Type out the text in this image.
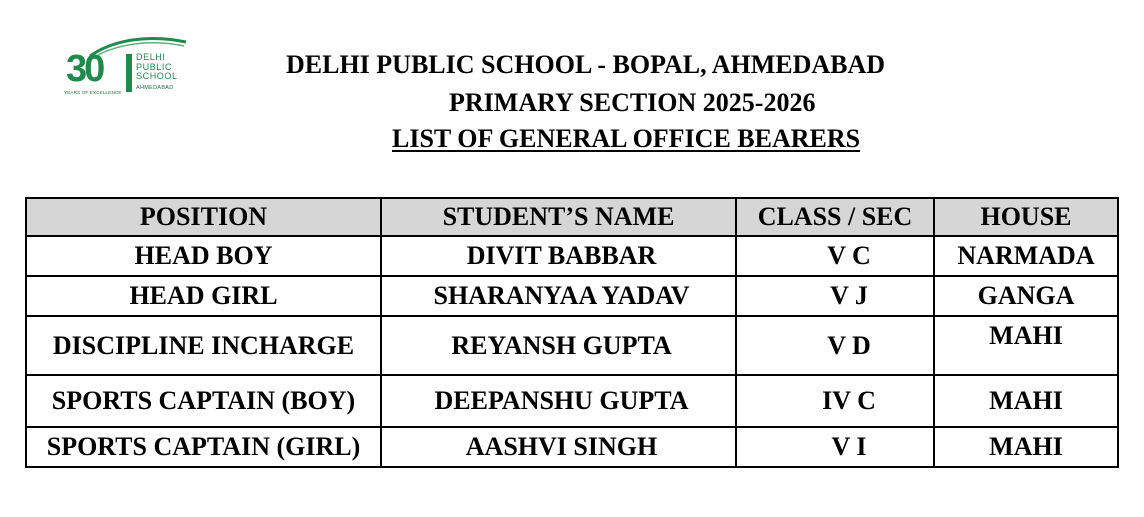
30	DELHI
PUBLIC
SCHOOL
AHMEDABAD
YEARS OF EXCELLENCE
DELHI PUBLIC SCHOOL - BOPAL, AHMEDABAD
PRIMARY SECTION 2025-2026
LIST OF GENERAL OFFICE BEARERS
POSITION	STUDENT’S NAME	CLASS / SEC	HOUSE
HEAD BOY	DIVIT BABBAR	V C	NARMADA
HEAD GIRL	SHARANYAA YADAV	V J	GANGA
DISCIPLINE INCHARGE	REYANSH GUPTA	V D	MAHI
SPORTS CAPTAIN (BOY)	DEEPANSHU GUPTA	IV C	MAHI
SPORTS CAPTAIN (GIRL)	AASHVI SINGH	V I	MAHI
